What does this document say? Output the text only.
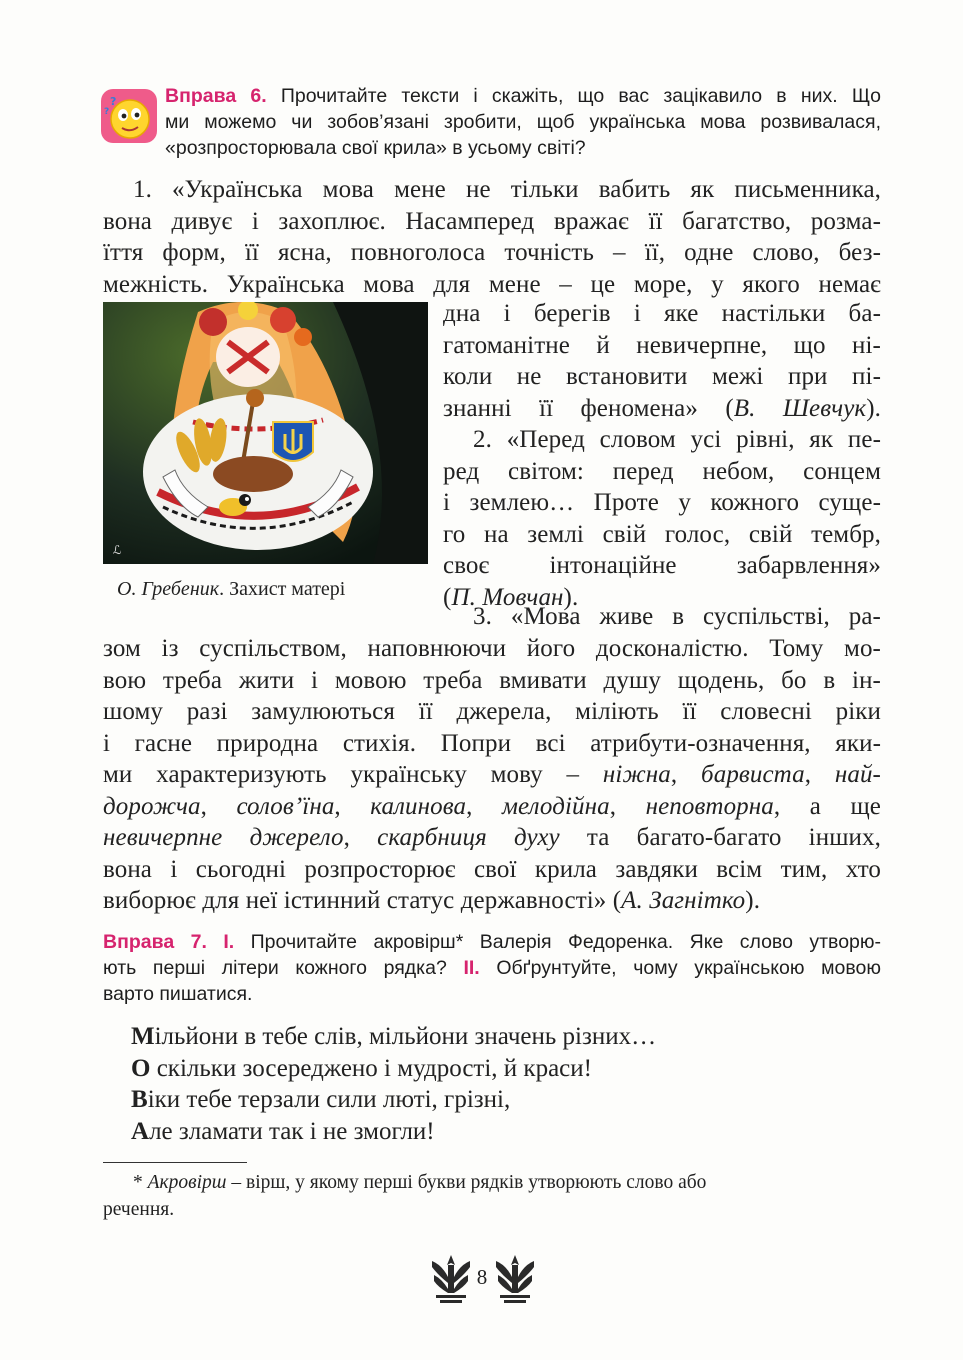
?
?
Вправа 6. Прочитайте тексти і скажіть, що вас зацікавило в них. Що
ми можемо чи зобов’язані зробити, щоб українська мова розвивалася,
«розпросторювала свої крила» в усьому світі?
1. «Українська мова мене не тільки вабить як письменника,
вона дивує і захоплює. Насамперед вражає її багатство, розма-
їття форм, її ясна, повноголоса точність – її, одне слово, без-
межність. Українська мова для мене – це море, у якого немає
ℒ
дна і берегів і яке настільки ба-
гатоманітне й невичерпне, що ні-
коли не встановити межі при пі-
знанні її феномена» (В. Шевчук).
2. «Перед словом усі рівні, як пе-
ред світом: перед небом, сонцем
і землею… Проте у кожного суще-
го на землі свій голос, свій тембр,
своє інтонаційне забарвлення»
(П. Мовчан).
О. Гребеник. Захист матері
3. «Мова живе в суспільстві, ра-
зом із суспільством, наповнюючи його досконалістю. Тому мо-
вою треба жити і мовою треба вмивати душу щодень, бо в ін-
шому разі замулюються її джерела, міліють її словесні ріки
і гасне природна стихія. Попри всі атрибути-означення, яки-
ми характеризують українську мову – ніжна, барвиста, най-
дорожча, солов’їна, калинова, мелодійна, неповторна, а ще
невичерпне джерело, скарбниця духу та багато-багато інших,
вона і сьогодні розпросторює свої крила завдяки всім тим, хто
виборює для неї істинний статус державності» (А. Загнітко).
Вправа 7. I. Прочитайте акровірш* Валерія Федоренка. Яке слово утворю-
ють перші літери кожного рядка? II. Обґрунтуйте, чому українською мовою
варто пишатися.
Мільйони в тебе слів, мільйони значень різних…
О скільки зосереджено і мудрості, й краси!
Віки тебе терзали сили люті, грізні,
Але зламати так і не змогли!
* Акровірш – вірш, у якому перші букви рядків утворюють слово або
речення.
8
